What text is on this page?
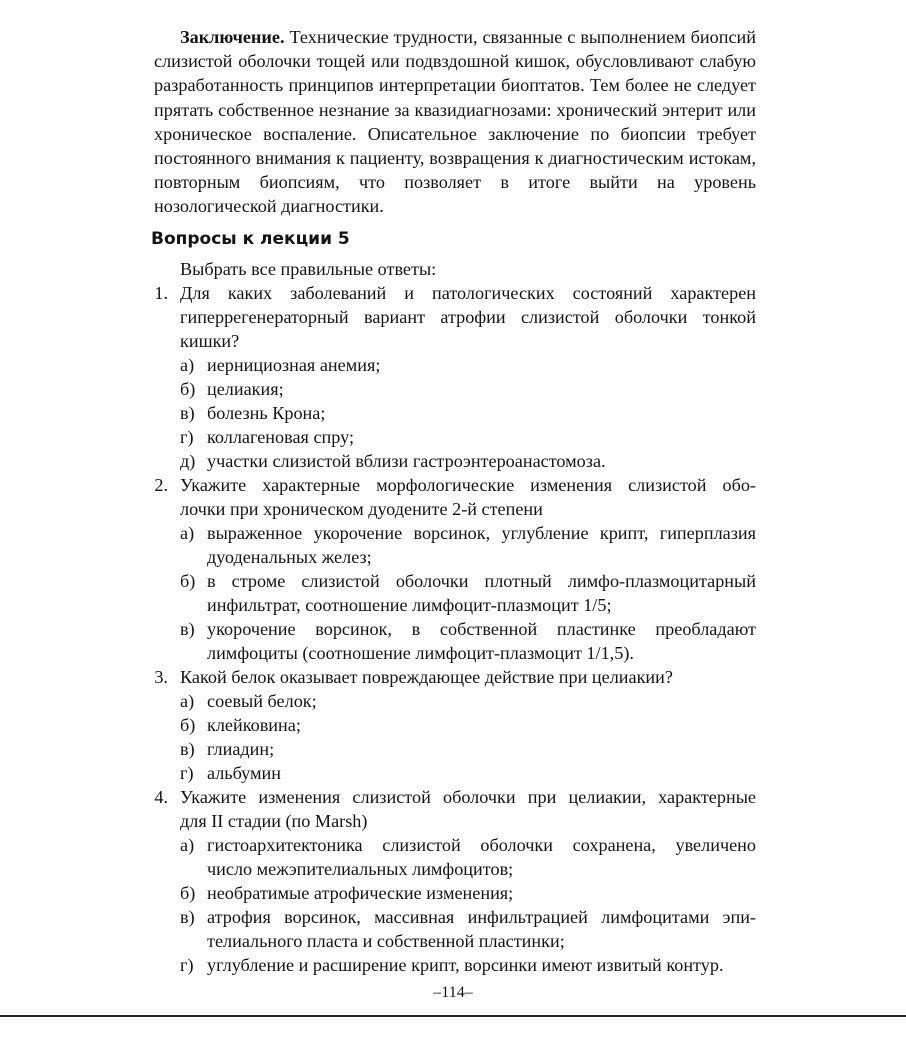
Заключение. Технические трудности, связанные с выполнением биопсий слизистой оболочки тощей или подвздошной кишок, обусловливают слабую разработанность принципов интерпретации биоптатов. Тем более не следует прятать собственное незнание за квазидиагнозами: хронический энтерит или хроническое воспаление. Описательное заключение по биопсии требует постоянного внимания к пациенту, возвращения к диагностическим истокам, повторным биопсиям, что позволяет в итоге выйти на уровень нозологической диагностики.
Вопросы к лекции 5
Выбрать все правильные ответы:
1. Для каких заболеваний и патологических состояний характерен
гиперрегенераторный вариант атрофии слизистой оболочки тонкой
кишки?
а) иернициозная анемия;
б) целиакия;
в) болезнь Крона;
г) коллагеновая спру;
д) участки слизистой вблизи гастроэнтероанастомоза.
2. Укажите характерные морфологические изменения слизистой обо-
лочки при хроническом дуодените 2-й степени
а) выраженное укорочение ворсинок, углубление крипт, гиперплазия
дуоденальных желез;
б) в строме слизистой оболочки плотный лимфо-плазмоцитарный
инфильтрат, соотношение лимфоцит-плазмоцит 1/5;
в) укорочение ворсинок, в собственной пластинке преобладают
лимфоциты (соотношение лимфоцит-плазмоцит 1/1,5).
3. Какой белок оказывает повреждающее действие при целиакии?
а) соевый белок;
б) клейковина;
в) глиадин;
г) альбумин
4. Укажите изменения слизистой оболочки при целиакии, характерные
для II стадии (по Marsh)
а) гистоархитектоника слизистой оболочки сохранена, увеличено
число межэпителиальных лимфоцитов;
б) необратимые атрофические изменения;
в) атрофия ворсинок, массивная инфильтрацией лимфоцитами эпи-
телиального пласта и собственной пластинки;
г) углубление и расширение крипт, ворсинки имеют извитый контур.
–114–
